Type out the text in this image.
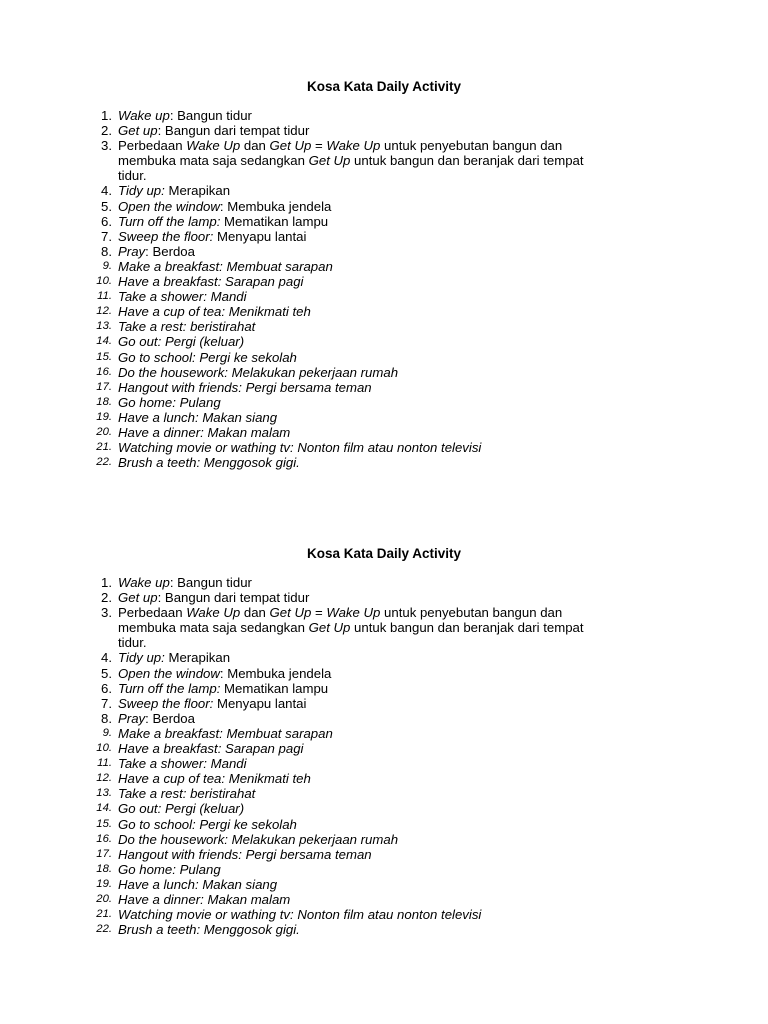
Kosa Kata Daily Activity
1. Wake up: Bangun tidur
2. Get up: Bangun dari tempat tidur
3. Perbedaan Wake Up dan Get Up = Wake Up untuk penyebutan bangun dan
membuka mata saja sedangkan Get Up untuk bangun dan beranjak dari tempat
tidur.
4. Tidy up: Merapikan
5. Open the window: Membuka jendela
6. Turn off the lamp: Mematikan lampu
7. Sweep the floor: Menyapu lantai
8. Pray: Berdoa
9. Make a breakfast: Membuat sarapan
10. Have a breakfast: Sarapan pagi
11. Take a shower: Mandi
12. Have a cup of tea: Menikmati teh
13. Take a rest: beristirahat
14. Go out: Pergi (keluar)
15. Go to school: Pergi ke sekolah
16. Do the housework: Melakukan pekerjaan rumah
17. Hangout with friends: Pergi bersama teman
18. Go home: Pulang
19. Have a lunch: Makan siang
20. Have a dinner: Makan malam
21. Watching movie or wathing tv: Nonton film atau nonton televisi
22. Brush a teeth: Menggosok gigi.
Kosa Kata Daily Activity
1. Wake up: Bangun tidur
2. Get up: Bangun dari tempat tidur
3. Perbedaan Wake Up dan Get Up = Wake Up untuk penyebutan bangun dan
membuka mata saja sedangkan Get Up untuk bangun dan beranjak dari tempat
tidur.
4. Tidy up: Merapikan
5. Open the window: Membuka jendela
6. Turn off the lamp: Mematikan lampu
7. Sweep the floor: Menyapu lantai
8. Pray: Berdoa
9. Make a breakfast: Membuat sarapan
10. Have a breakfast: Sarapan pagi
11. Take a shower: Mandi
12. Have a cup of tea: Menikmati teh
13. Take a rest: beristirahat
14. Go out: Pergi (keluar)
15. Go to school: Pergi ke sekolah
16. Do the housework: Melakukan pekerjaan rumah
17. Hangout with friends: Pergi bersama teman
18. Go home: Pulang
19. Have a lunch: Makan siang
20. Have a dinner: Makan malam
21. Watching movie or wathing tv: Nonton film atau nonton televisi
22. Brush a teeth: Menggosok gigi.
